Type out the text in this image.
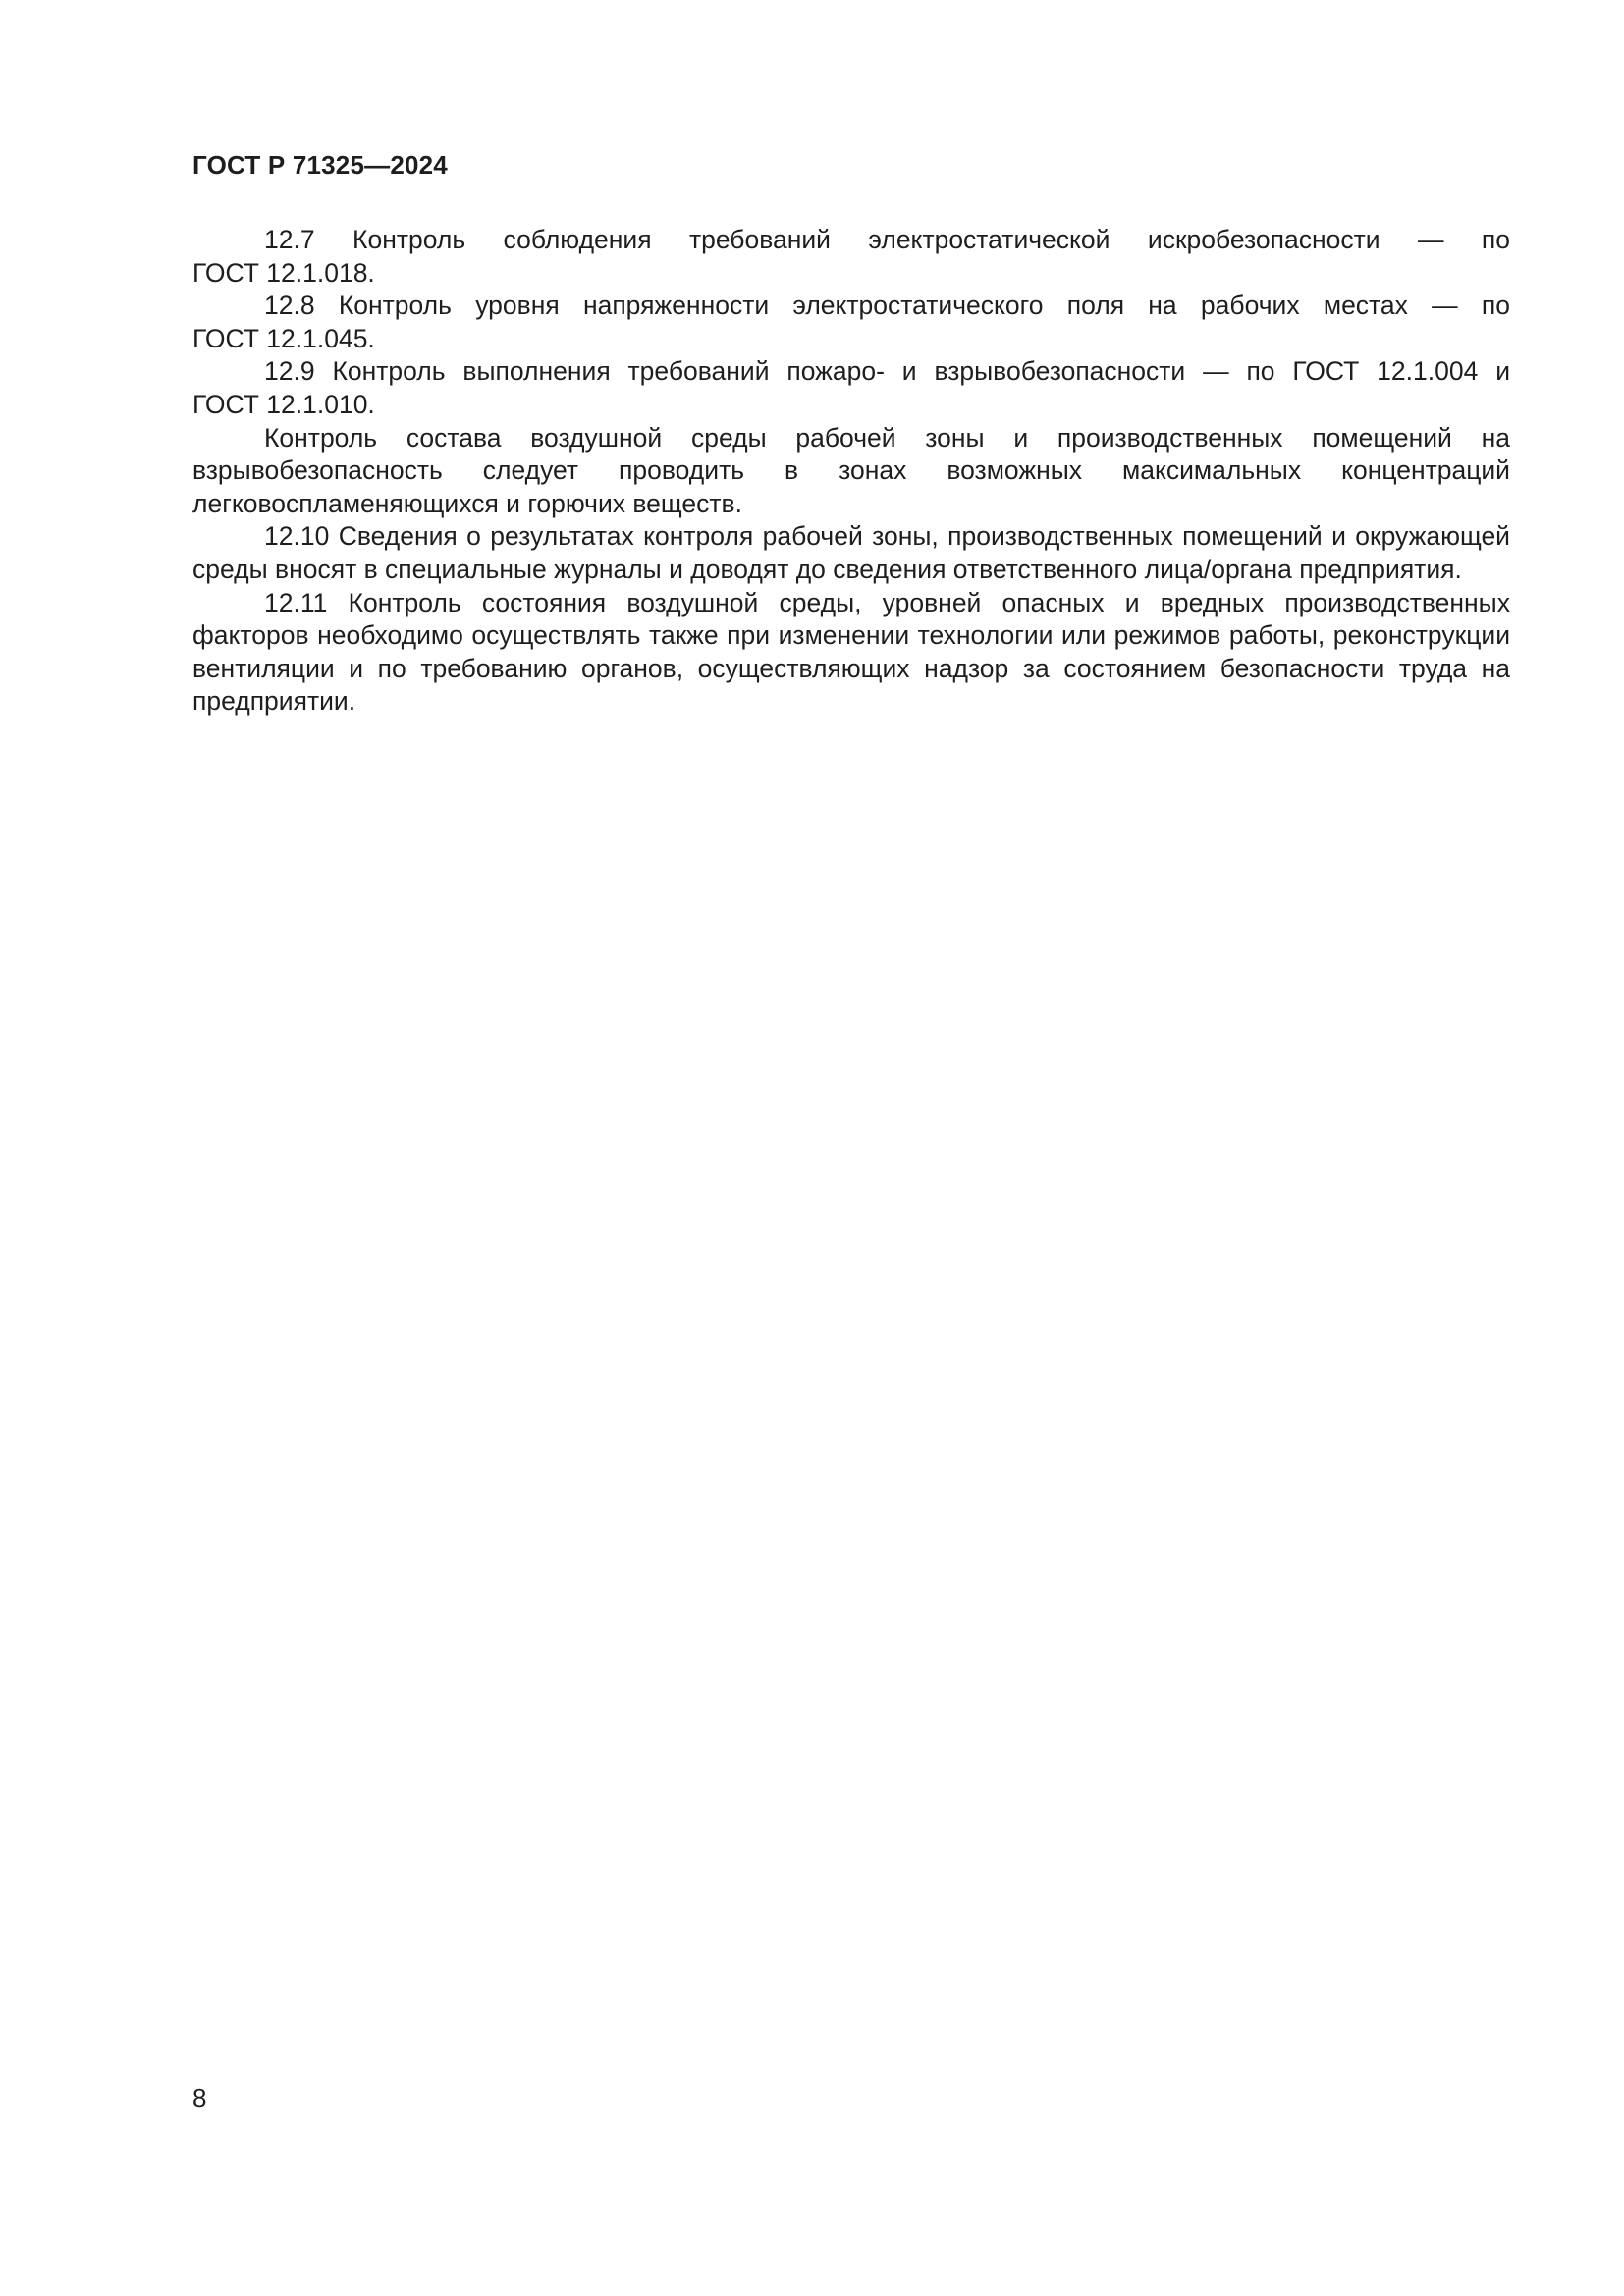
ГОСТ Р 71325—2024

12.7 Контроль соблюдения требований электростатической искробезопасности — по

ГОСТ 12.1.018.

12.8 Контроль уровня напряженности электростатического поля на рабочих местах — по

ГОСТ 12.1.045.

12.9 Контроль выполнения требований пожаро- и взрывобезопасности — по ГОСТ 12.1.004 и

ГОСТ 12.1.010.

Контроль состава воздушной среды рабочей зоны и производственных помещений на взрывобезопасность следует проводить в зонах возможных максимальных концентраций легковоспламеняющихся и горючих веществ.

12.10 Сведения о результатах контроля рабочей зоны, производственных помещений и окружающей среды вносят в специальные журналы и доводят до сведения ответственного лица/органа предприятия.

12.11 Контроль состояния воздушной среды, уровней опасных и вредных производственных факторов необходимо осуществлять также при изменении технологии или режимов работы, реконструкции вентиляции и по требованию органов, осуществляющих надзор за состоянием безопасности труда на предприятии.

8
